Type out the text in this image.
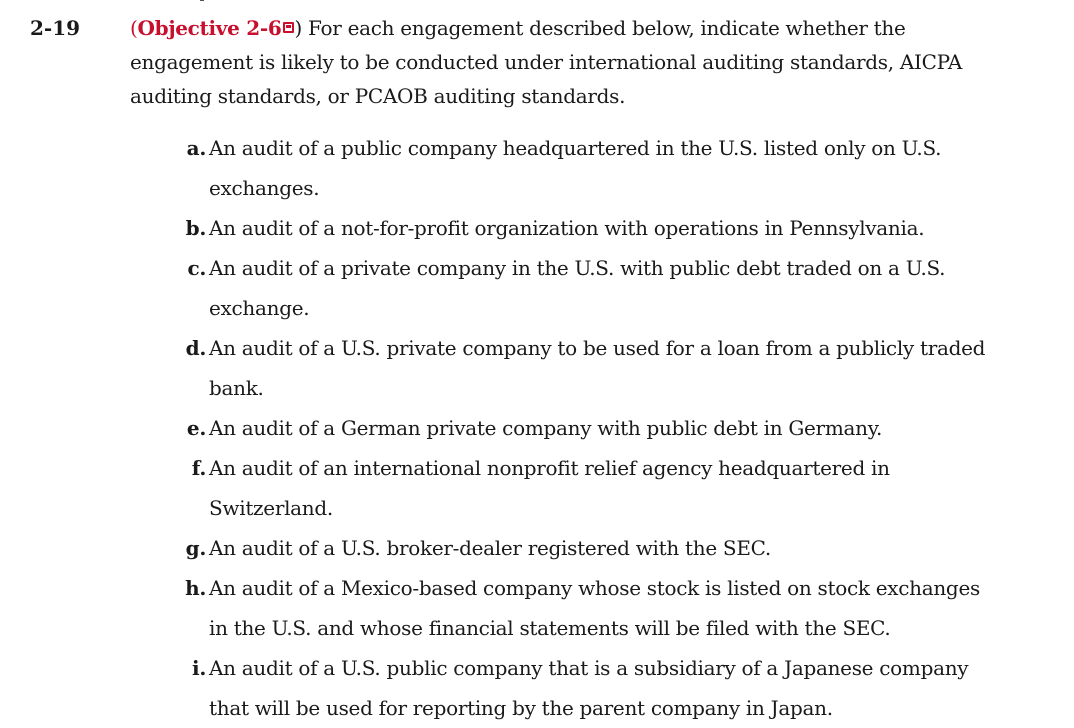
2-19 (Objective 2-6 ) For each engagement described below, indicate whether the
engagement is likely to be conducted under international auditing standards, AICPA
auditing standards, or PCAOB auditing standards.
a. An audit of a public company headquartered in the U.S. listed only on U.S.
exchanges.
b. An audit of a not-for-profit organization with operations in Pennsylvania.
c. An audit of a private company in the U.S. with public debt traded on a U.S.
exchange.
d. An audit of a U.S. private company to be used for a loan from a publicly traded
bank.
e. An audit of a German private company with public debt in Germany.
f. An audit of an international nonprofit relief agency headquartered in
Switzerland.
g. An audit of a U.S. broker-dealer registered with the SEC.
h. An audit of a Mexico-based company whose stock is listed on stock exchanges
in the U.S. and whose financial statements will be filed with the SEC.
i. An audit of a U.S. public company that is a subsidiary of a Japanese company
that will be used for reporting by the parent company in Japan.
